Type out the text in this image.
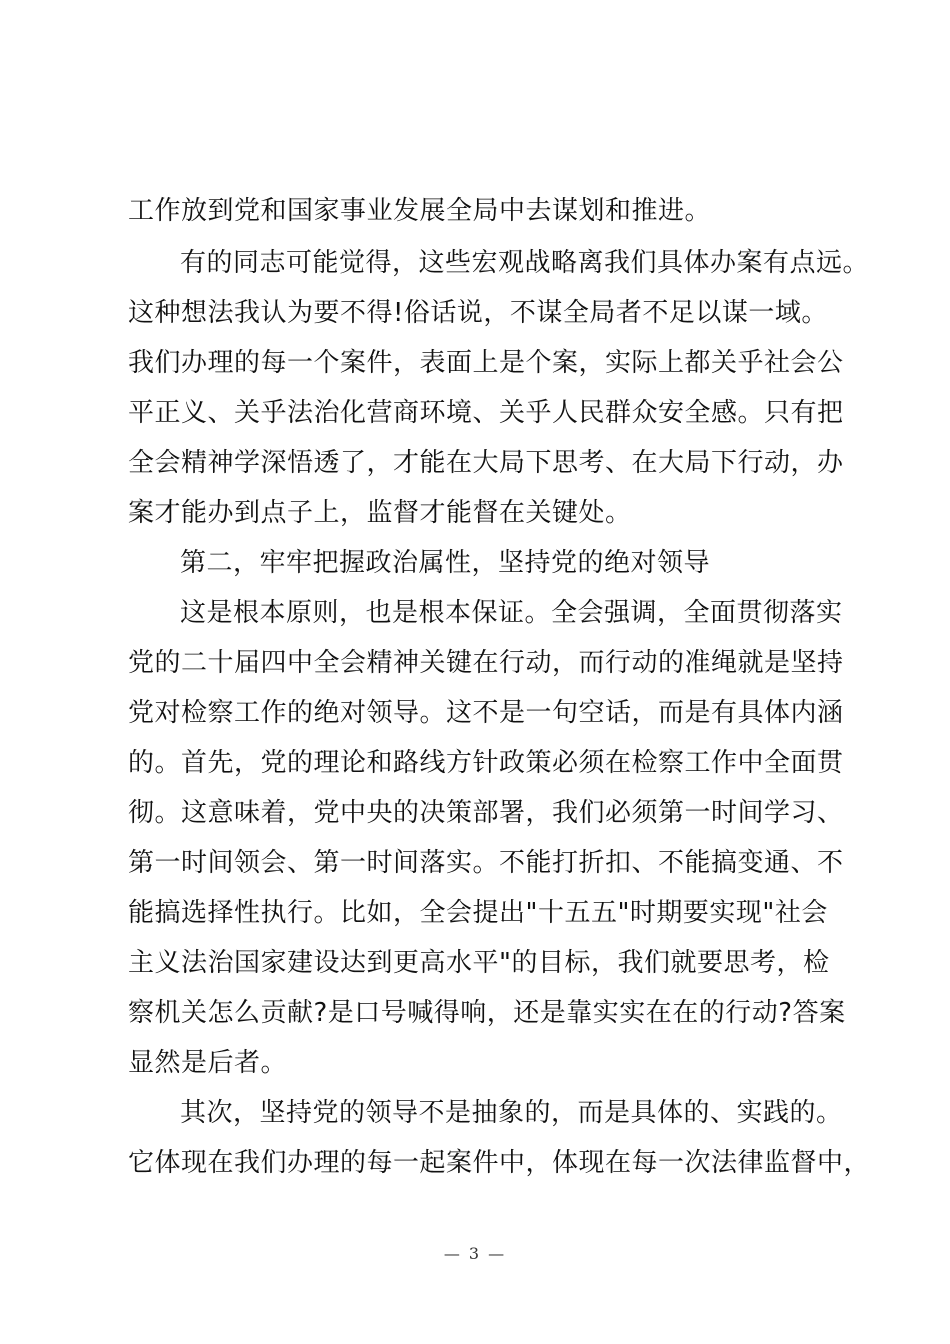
工作放到党和国家事业发展全局中去谋划和推进。
有的同志可能觉得，这些宏观战略离我们具体办案有点远。
这种想法我认为要不得!俗话说，不谋全局者不足以谋一域。
我们办理的每一个案件，表面上是个案，实际上都关乎社会公
平正义、关乎法治化营商环境、关乎人民群众安全感。只有把
全会精神学深悟透了，才能在大局下思考、在大局下行动，办
案才能办到点子上，监督才能督在关键处。
第二，牢牢把握政治属性，坚持党的绝对领导
这是根本原则，也是根本保证。全会强调，全面贯彻落实
党的二十届四中全会精神关键在行动，而行动的准绳就是坚持
党对检察工作的绝对领导。这不是一句空话，而是有具体内涵
的。首先，党的理论和路线方针政策必须在检察工作中全面贯
彻。这意味着，党中央的决策部署，我们必须第一时间学习、
第一时间领会、第一时间落实。不能打折扣、不能搞变通、不
能搞选择性执行。比如，全会提出"十五五"时期要实现"社会
主义法治国家建设达到更高水平"的目标，我们就要思考，检
察机关怎么贡献?是口号喊得响，还是靠实实在在的行动?答案
显然是后者。
其次，坚持党的领导不是抽象的，而是具体的、实践的。
它体现在我们办理的每一起案件中，体现在每一次法律监督中，
— 3 —
